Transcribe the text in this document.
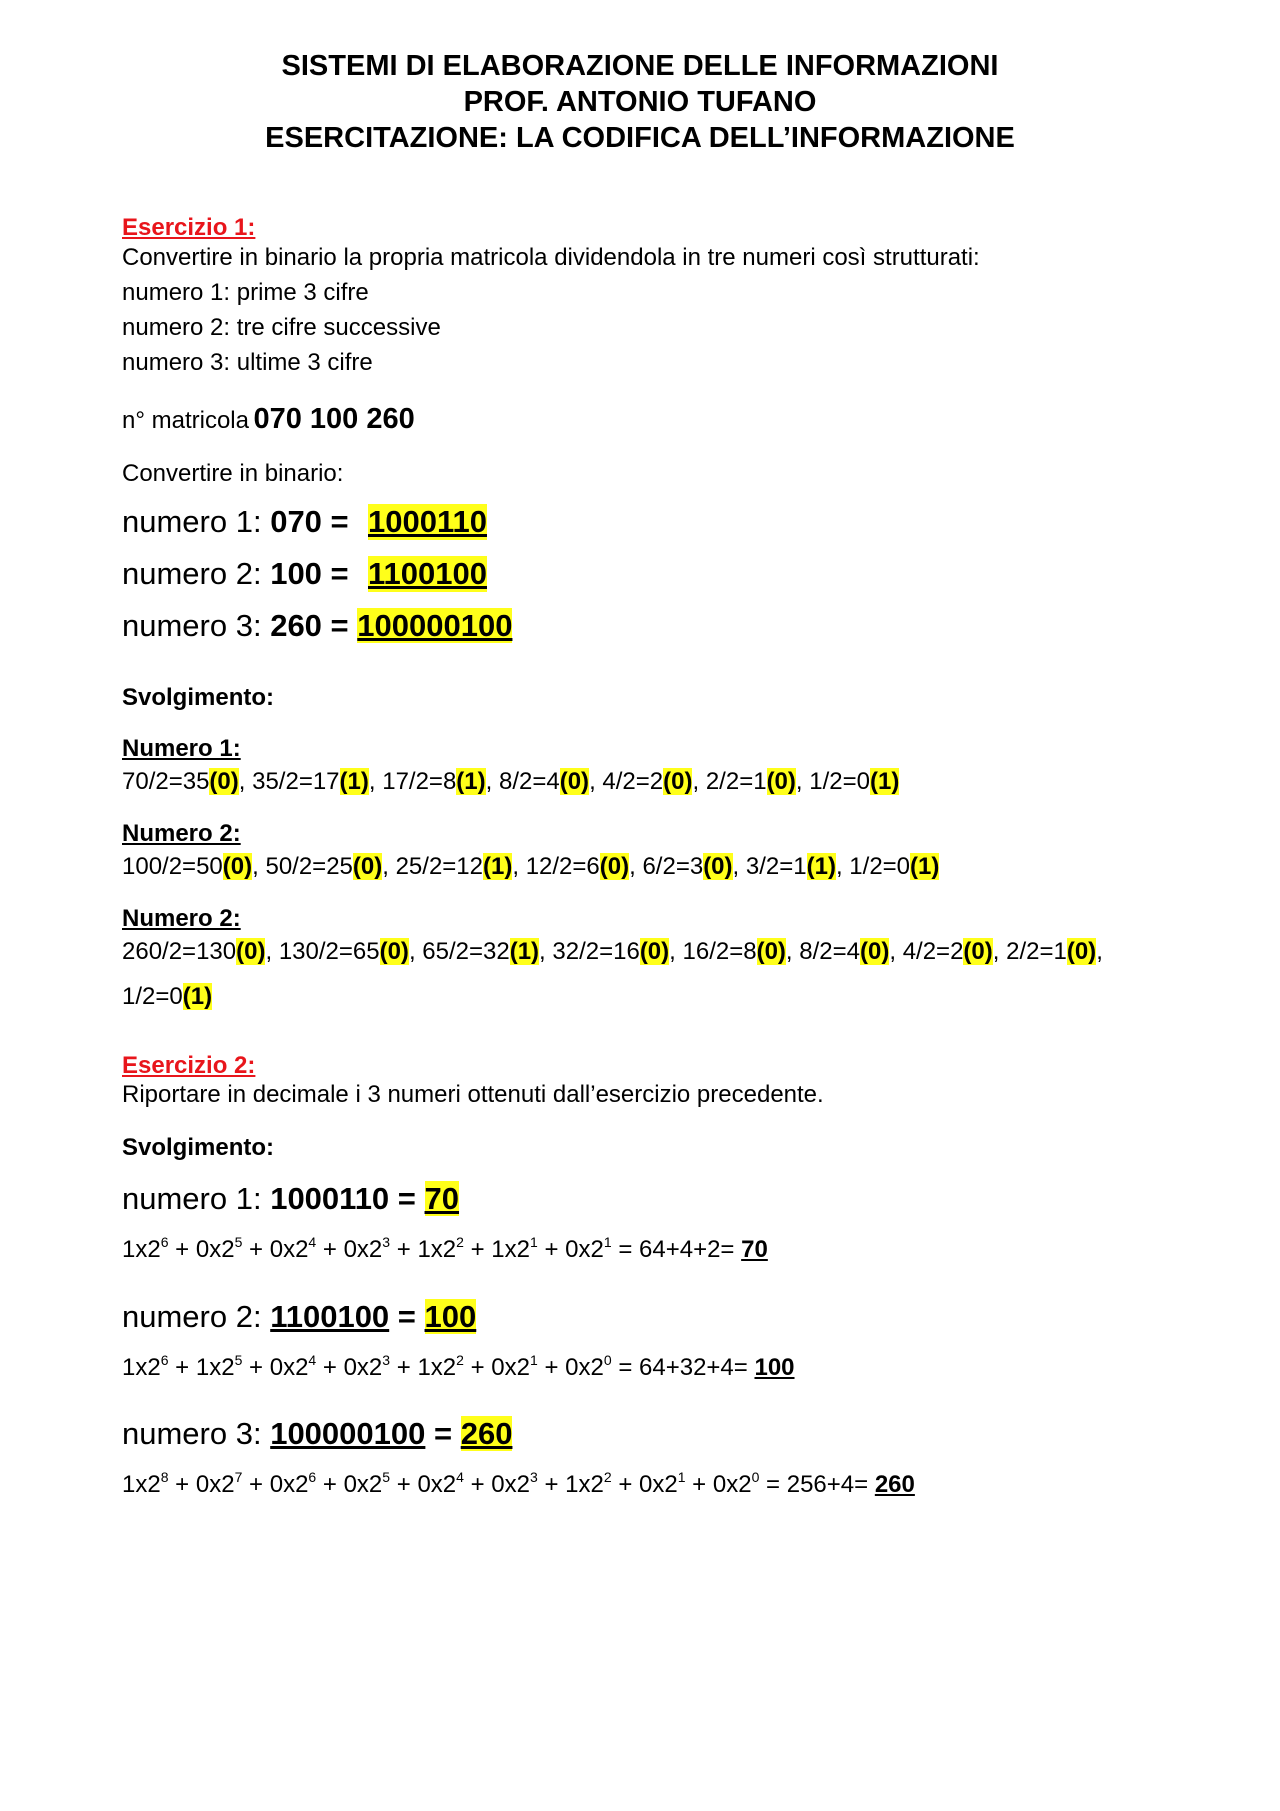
SISTEMI DI ELABORAZIONE DELLE INFORMAZIONI
PROF. ANTONIO TUFANO
ESERCITAZIONE: LA CODIFICA DELL’INFORMAZIONE
Esercizio 1:
Convertire in binario la propria matricola dividendola in tre numeri così strutturati:
numero 1: prime 3 cifre
numero 2: tre cifre successive
numero 3: ultime 3 cifre
n° matricola 070 100 260
Convertire in binario:
numero 1: 070 = 1000110
numero 2: 100 = 1100100
numero 3: 260 = 100000100
Svolgimento:
Numero 1:
70/2=35(0), 35/2=17(1), 17/2=8(1), 8/2=4(0), 4/2=2(0), 2/2=1(0), 1/2=0(1)
Numero 2:
100/2=50(0), 50/2=25(0), 25/2=12(1), 12/2=6(0), 6/2=3(0), 3/2=1(1), 1/2=0(1)
Numero 2:
260/2=130(0), 130/2=65(0), 65/2=32(1), 32/2=16(0), 16/2=8(0), 8/2=4(0), 4/2=2(0), 2/2=1(0),
1/2=0(1)
Esercizio 2:
Riportare in decimale i 3 numeri ottenuti dall’esercizio precedente.
Svolgimento:
numero 1: 1000110 = 70
$1x2^6 + 0x2^5 + 0x2^4 + 0x2^3 + 1x2^2 + 1x2^1 + 0x2^1 = 64+4+2= 70$
numero 2: 1100100 = 100
$1x2^6 + 1x2^5 + 0x2^4 + 0x2^3 + 1x2^2 + 0x2^1 + 0x2^0 = 64+32+4= 100$
numero 3: 100000100 = 260
$1x2^8 + 0x2^7 + 0x2^6 + 0x2^5 + 0x2^4 + 0x2^3 + 1x2^2 + 0x2^1 + 0x2^0 = 256+4= 260$
